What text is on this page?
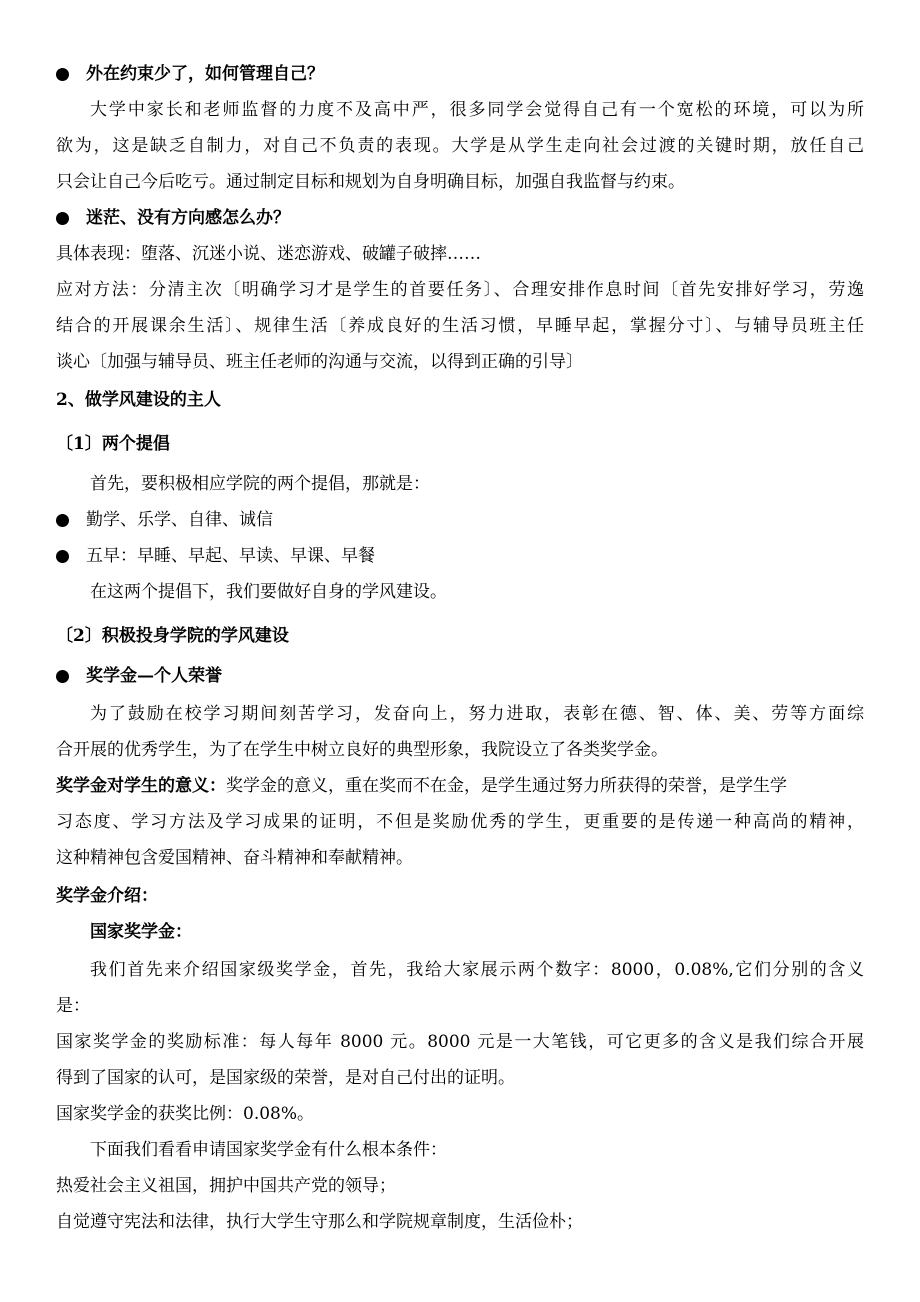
外在约束少了，如何管理自己？
大学中家长和老师监督的力度不及高中严，很多同学会觉得自己有一个宽松的环境，可以为所
欲为，这是缺乏自制力，对自己不负责的表现。大学是从学生走向社会过渡的关键时期，放任自己
只会让自己今后吃亏。通过制定目标和规划为自身明确目标，加强自我监督与约束。
迷茫、没有方向感怎么办？
具体表现：堕落、沉迷小说、迷恋游戏、破罐子破摔……
应对方法：分清主次〔明确学习才是学生的首要任务〕、合理安排作息时间〔首先安排好学习，劳逸
结合的开展课余生活〕、规律生活〔养成良好的生活习惯，早睡早起，掌握分寸〕、与辅导员班主任
谈心〔加强与辅导员、班主任老师的沟通与交流，以得到正确的引导〕
2、做学风建设的主人
〔1〕两个提倡
首先，要积极相应学院的两个提倡，那就是：
勤学、乐学、自律、诚信
五早：早睡、早起、早读、早课、早餐
在这两个提倡下，我们要做好自身的学风建设。
〔2〕积极投身学院的学风建设
奖学金—个人荣誉
为了鼓励在校学习期间刻苦学习，发奋向上，努力进取，表彰在德、智、体、美、劳等方面综
合开展的优秀学生，为了在学生中树立良好的典型形象，我院设立了各类奖学金。
奖学金对学生的意义：奖学金的意义，重在奖而不在金，是学生通过努力所获得的荣誉，是学生学
习态度、学习方法及学习成果的证明，不但是奖励优秀的学生，更重要的是传递一种高尚的精神，
这种精神包含爱国精神、奋斗精神和奉献精神。
奖学金介绍：
国家奖学金：
我们首先来介绍国家级奖学金，首先，我给大家展示两个数字：8000，0.08%,它们分别的含义
是：
国家奖学金的奖励标准：每人每年 8000 元。8000 元是一大笔钱，可它更多的含义是我们综合开展
得到了国家的认可，是国家级的荣誉，是对自己付出的证明。
国家奖学金的获奖比例：0.08%。
下面我们看看申请国家奖学金有什么根本条件：
热爱社会主义祖国，拥护中国共产党的领导；
自觉遵守宪法和法律，执行大学生守那么和学院规章制度，生活俭朴；
